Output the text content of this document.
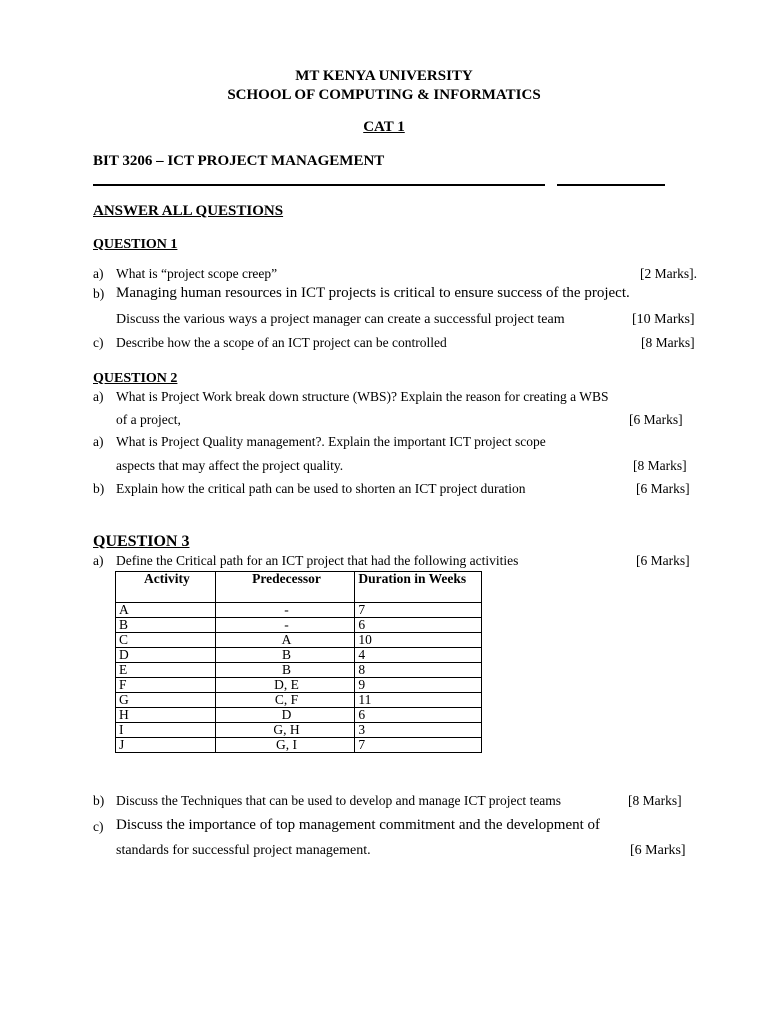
MT KENYA UNIVERSITY
SCHOOL OF COMPUTING & INFORMATICS
CAT 1
BIT 3206 – ICT PROJECT MANAGEMENT
ANSWER ALL QUESTIONS
QUESTION 1
a) What is “project scope creep”	[2 Marks].
b) Managing human resources in ICT projects is critical to ensure success of the project.
Discuss the various ways a project manager can create a successful project team	[10 Marks]
c) Describe how the a scope of an ICT project can be controlled	[8 Marks]
QUESTION 2
a) What is Project Work break down structure (WBS)? Explain the reason for creating a WBS
of a project,	[6 Marks]
a) What is Project Quality management?. Explain the important ICT project scope
aspects that may affect the project quality.	[8 Marks]
b) Explain how the critical path can be used to shorten an ICT project duration	[6 Marks]
QUESTION 3
a) Define the Critical path for an ICT project that had the following activities	[6 Marks]
Activity	Predecessor	Duration in Weeks
A	-	7
B	-	6
C	A	10
D	B	4
E	B	8
F	D, E	9
G	C, F	11
H	D	6
I	G, H	3
J	G, I	7
b) Discuss the Techniques that can be used to develop and manage ICT project teams	[8 Marks]
c) Discuss the importance of top management commitment and the development of
standards for successful project management.	[6 Marks]
